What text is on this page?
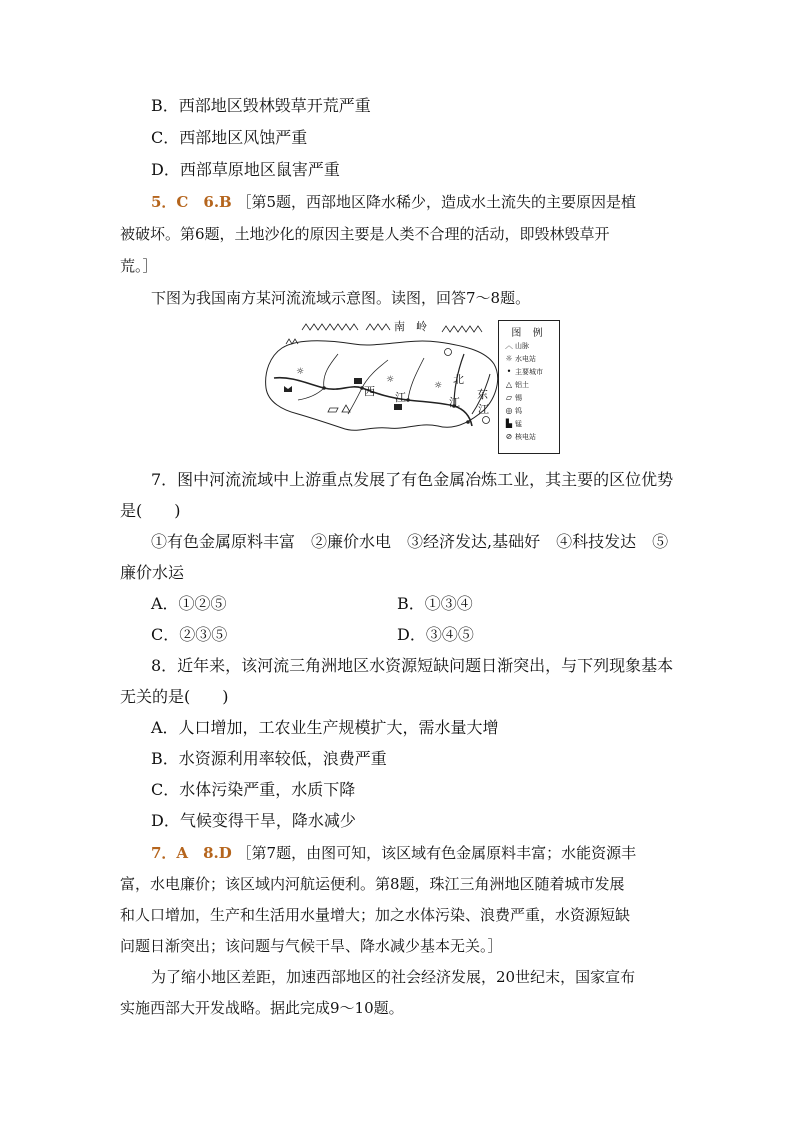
B．西部地区毁林毁草开荒严重
C．西部地区风蚀严重
D．西部草原地区鼠害严重
5．C　6.B ［第5题，西部地区降水稀少，造成水土流失的主要原因是植
被破坏。第6题，土地沙化的原因主要是人类不合理的活动，即毁林毁草开
荒。］
下图为我国南方某河流流域示意图。读图，回答7～8题。
☼
☼
☼
南　岭
西 江
北
东
江
江
图 例
︿ 山脉
☼ 水电站
• 主要城市
△ 铝土
▱ 锡
◎ 钨
▙ 锰
⊘ 核电站
7．图中河流流域中上游重点发展了有色金属冶炼工业，其主要的区位优势
是(　　)
①有色金属原料丰富　②廉价水电　③经济发达,基础好　④科技发达　⑤
廉价水运
A．①②⑤	B．①③④
C．②③⑤	D．③④⑤
8．近年来，该河流三角洲地区水资源短缺问题日渐突出，与下列现象基本
无关的是(　　)
A．人口增加，工农业生产规模扩大，需水量大增
B．水资源利用率较低，浪费严重
C．水体污染严重，水质下降
D．气候变得干旱，降水减少
7．A　8.D ［第7题，由图可知，该区域有色金属原料丰富；水能资源丰
富，水电廉价；该区域内河航运便利。第8题，珠江三角洲地区随着城市发展
和人口增加，生产和生活用水量增大；加之水体污染、浪费严重，水资源短缺
问题日渐突出；该问题与气候干旱、降水减少基本无关。］
为了缩小地区差距，加速西部地区的社会经济发展，20世纪末，国家宣布
实施西部大开发战略。据此完成9～10题。
